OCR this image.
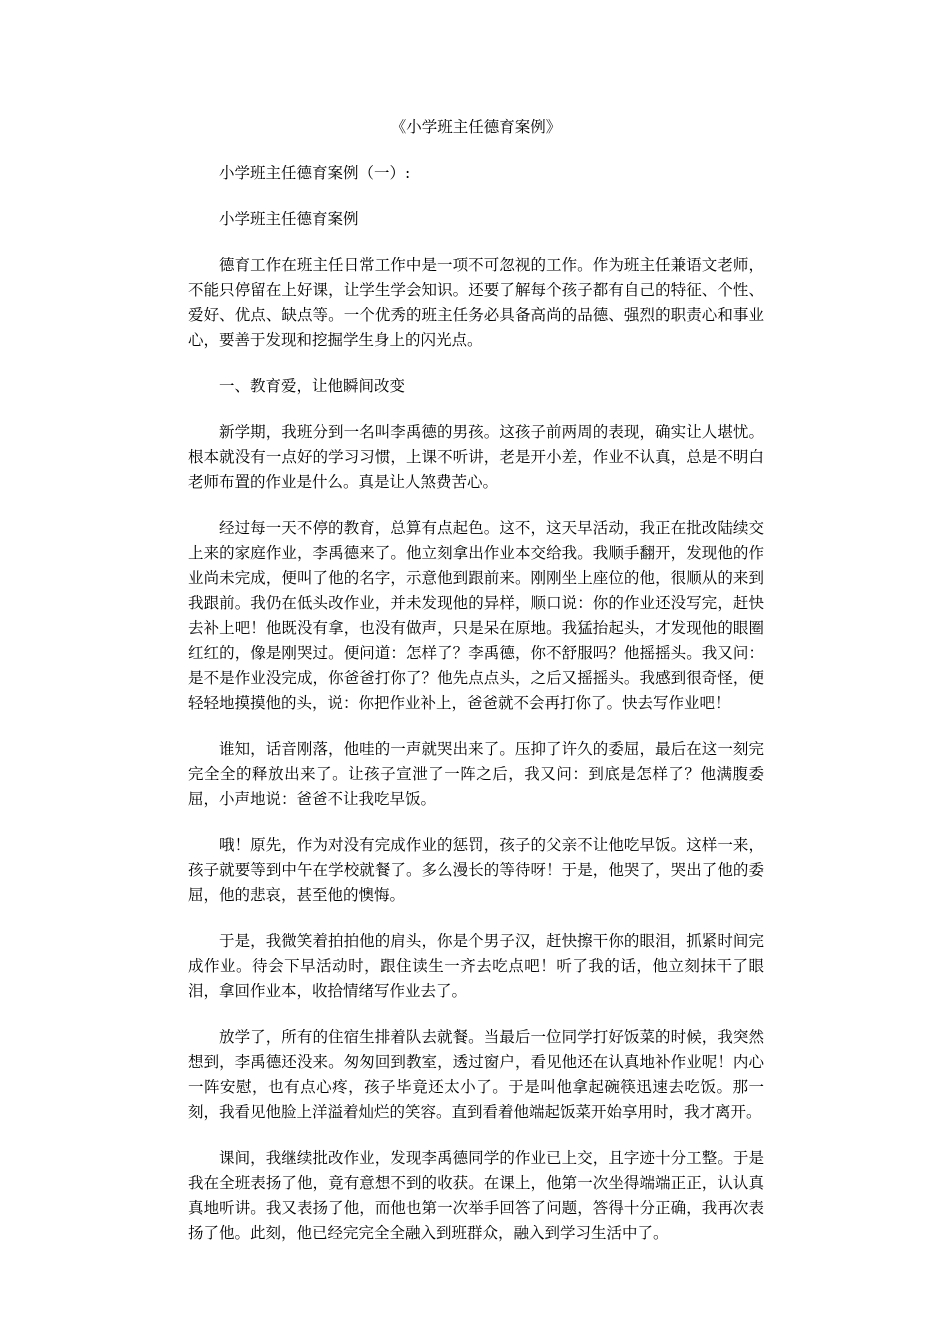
《小学班主任德育案例》

小学班主任德育案例（一）:

小学班主任德育案例

德育工作在班主任日常工作中是一项不可忽视的工作。作为班主任兼语文老师，不能只停留在上好课，让学生学会知识。还要了解每个孩子都有自己的特征、个性、爱好、优点、缺点等。一个优秀的班主任务必具备高尚的品德、强烈的职责心和事业心，要善于发现和挖掘学生身上的闪光点。

一、教育爱，让他瞬间改变

新学期，我班分到一名叫李禹德的男孩。这孩子前两周的表现，确实让人堪忧。根本就没有一点好的学习习惯，上课不听讲，老是开小差，作业不认真，总是不明白老师布置的作业是什么。真是让人煞费苦心。

经过每一天不停的教育，总算有点起色。这不，这天早活动，我正在批改陆续交上来的家庭作业，李禹德来了。他立刻拿出作业本交给我。我顺手翻开，发现他的作业尚未完成，便叫了他的名字，示意他到跟前来。刚刚坐上座位的他，很顺从的来到我跟前。我仍在低头改作业，并未发现他的异样，顺口说：你的作业还没写完，赶快去补上吧！他既没有拿，也没有做声，只是呆在原地。我猛抬起头，才发现他的眼圈红红的，像是刚哭过。便问道：怎样了？李禹德，你不舒服吗？他摇摇头。我又问：是不是作业没完成，你爸爸打你了？他先点点头，之后又摇摇头。我感到很奇怪，便轻轻地摸摸他的头，说：你把作业补上，爸爸就不会再打你了。快去写作业吧！

谁知，话音刚落，他哇的一声就哭出来了。压抑了许久的委屈，最后在这一刻完完全全的释放出来了。让孩子宣泄了一阵之后，我又问：到底是怎样了？他满腹委屈，小声地说：爸爸不让我吃早饭。

哦！原先，作为对没有完成作业的惩罚，孩子的父亲不让他吃早饭。这样一来，孩子就要等到中午在学校就餐了。多么漫长的等待呀！于是，他哭了，哭出了他的委屈，他的悲哀，甚至他的懊悔。

于是，我微笑着拍拍他的肩头，你是个男子汉，赶快擦干你的眼泪，抓紧时间完成作业。待会下早活动时，跟住读生一齐去吃点吧！听了我的话，他立刻抹干了眼泪，拿回作业本，收拾情绪写作业去了。

放学了，所有的住宿生排着队去就餐。当最后一位同学打好饭菜的时候，我突然想到，李禹德还没来。匆匆回到教室，透过窗户，看见他还在认真地补作业呢！内心一阵安慰，也有点心疼，孩子毕竟还太小了。于是叫他拿起碗筷迅速去吃饭。那一刻，我看见他脸上洋溢着灿烂的笑容。直到看着他端起饭菜开始享用时，我才离开。

课间，我继续批改作业，发现李禹德同学的作业已上交，且字迹十分工整。于是我在全班表扬了他，竟有意想不到的收获。在课上，他第一次坐得端端正正，认认真真地听讲。我又表扬了他，而他也第一次举手回答了问题，答得十分正确，我再次表扬了他。此刻，他已经完完全全融入到班群众，融入到学习生活中了。
